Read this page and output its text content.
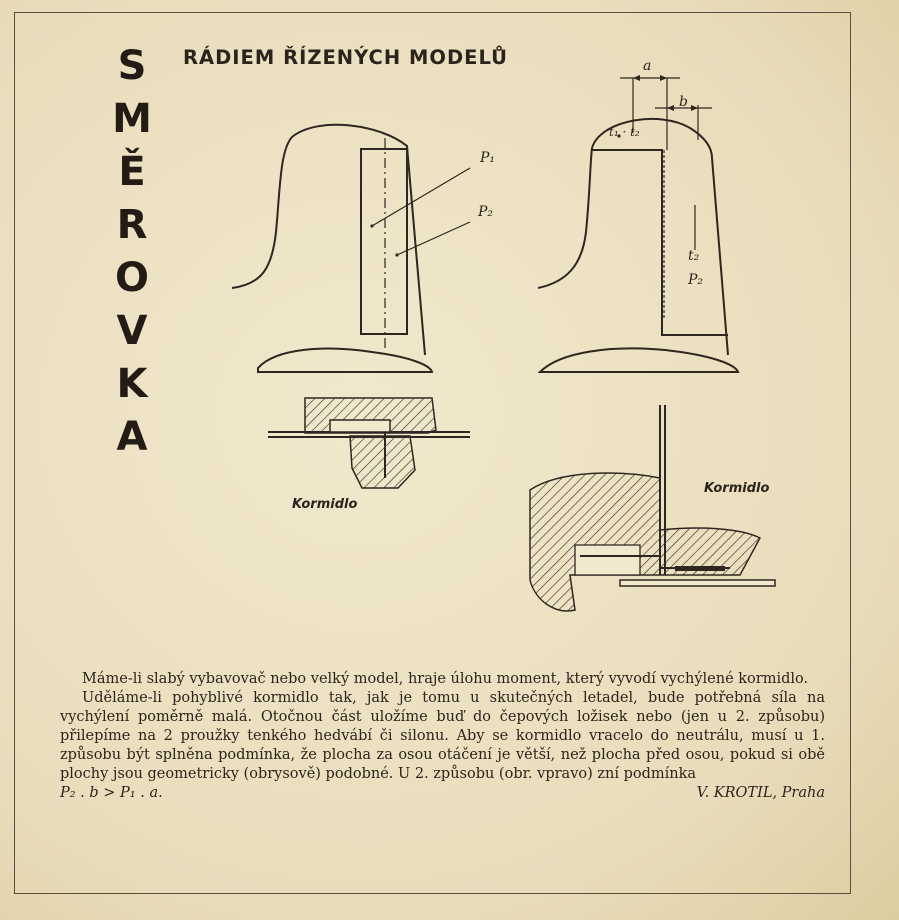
S
M
Ě
R
O
V
K
A
RÁDIEM ŘÍZENÝCH MODELŮ
P₁
P₂
a
b
t₁ · t₂
t₂
P₂
Kormidlo
Kormidlo

Máme-li slabý vybavovač nebo velký model, hraje úlohu moment, který vyvodí vychýlené kormidlo.

Uděláme-li pohyblivé kormidlo tak, jak je tomu u skutečných letadel, bude potřebná síla na vychýlení poměrně malá. Otočnou část uložíme buď do čepových ložisek nebo (jen u 2. způsobu) přilepíme na 2 proužky tenkého hedvábí či silonu. Aby se kormidlo vracelo do neutrálu, musí u 1. způsobu být splněna podmínka, že plocha za osou otáčení je větší, než plocha před osou, pokud si obě plochy jsou geometricky (obrysově) podobné. U 2. způsobu (obr. vpravo) zní podmínka

P₂ . b > P₁ . a.	V. KROTIL, Praha
